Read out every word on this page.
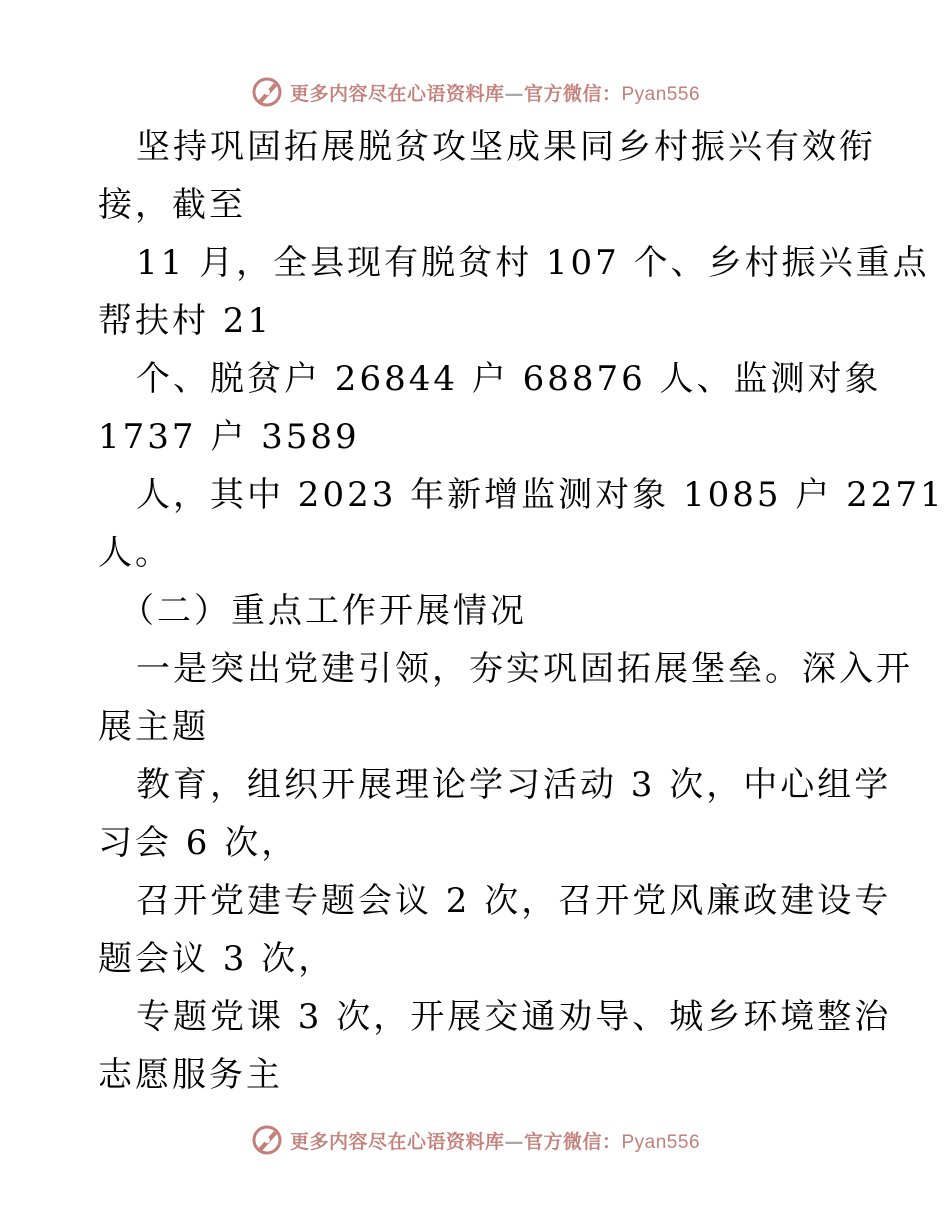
更多内容尽在心语资料库—官方微信：Pyan556
坚持巩固拓展脱贫攻坚成果同乡村振兴有效衔
接，截至
11 月，全县现有脱贫村 107 个、乡村振兴重点
帮扶村 21
个、脱贫户 26844 户 68876 人、监测对象
1737 户 3589
人，其中 2023 年新增监测对象 1085 户 2271
人。
（二）重点工作开展情况
一是突出党建引领，夯实巩固拓展堡垒。深入开
展主题
教育，组织开展理论学习活动 3 次，中心组学
习会 6 次，
召开党建专题会议 2 次，召开党风廉政建设专
题会议 3 次，
专题党课 3 次，开展交通劝导、城乡环境整治
志愿服务主
更多内容尽在心语资料库—官方微信：Pyan556
